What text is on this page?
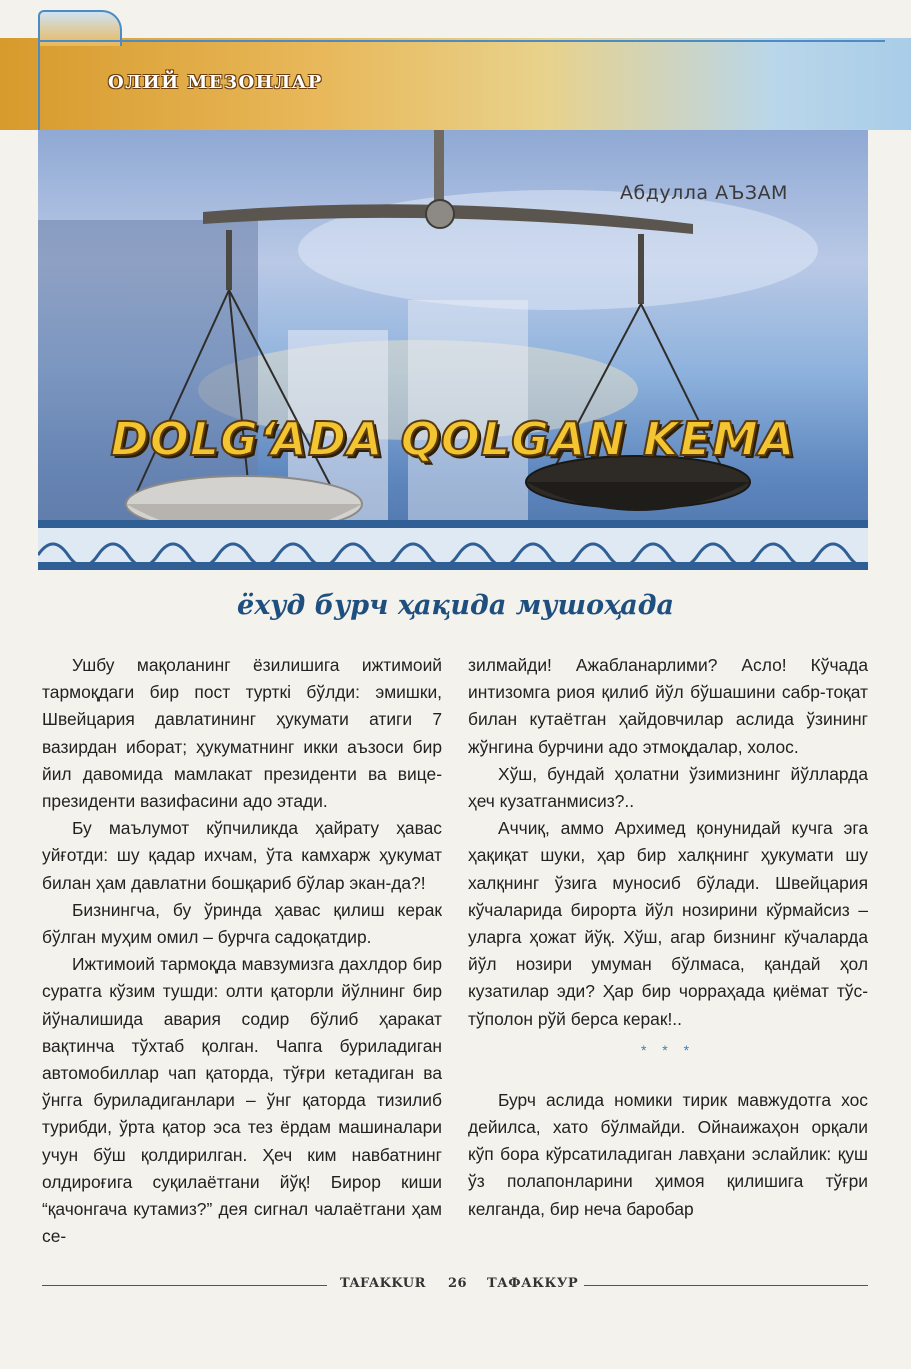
ОЛИЙ МЕЗОНЛАР
Абдулла АЪЗАМ
DOLG‘ADA QOLGAN KEMA
ёхуд бурч ҳақида мушоҳада

Ушбу мақоланинг ёзилишига ижтимоий тармоқдаги бир пост турткi бўлди: эмишки, Швейцария давлатининг ҳукумати атиги 7 вазирдан иборат; ҳукуматнинг икки аъзоси бир йил давомида мамлакат президенти ва вице-президенти вазифасини адо этади.

Бу маълумот кўпчиликда ҳайрату ҳавас уйғотди: шу қадар ихчам, ўта камхарж ҳукумат билан ҳам давлатни бошқариб бўлар экан-да?!

Бизнингча, бу ўринда ҳавас қилиш керак бўлган муҳим омил – бурчга садоқатдир.

Ижтимоий тармоқда мавзумизга дахлдор бир суратга кўзим тушди: олти қаторли йўлнинг бир йўналишида авария содир бўлиб ҳаракат вақтинча тўхтаб қолган. Чапга буриладиган автомобиллар чап қаторда, тўғри кетадиган ва ўнгга буриладиганлари – ўнг қаторда тизилиб турибди, ўрта қатор эса тез ёрдам машиналари учун бўш қолдирилган. Ҳеч ким навбатнинг олдироғига суқилаётгани йўқ! Бирор киши “қачонгача кутамиз?” дея сигнал чалаётгани ҳам се-

зилмайди! Ажабланарлими? Асло! Кўчада интизомга риоя қилиб йўл бўшашини сабр-тоқат билан кутаётган ҳайдовчилар аслида ўзининг жўнгина бурчини адо этмоқдалар, холос.

Хўш, бундай ҳолатни ўзимизнинг йўлларда ҳеч кузатганмисиз?..

Аччиқ, аммо Архимед қонунидай кучга эга ҳақиқат шуки, ҳар бир халқнинг ҳукумати шу халқнинг ўзига муносиб бўлади. Швейцария кўчаларида бирорта йўл нозирини кўрмайсиз – уларга ҳожат йўқ. Хўш, агар бизнинг кўчаларда йўл нозири умуман бўлмаса, қандай ҳол кузатилар эди? Ҳар бир чорраҳада қиёмат тўс-тўполон рўй берса керак!..

* * *

Бурч аслида номики тирик мавжудотга хос дейилса, хато бўлмайди. Ойнаижаҳон орқали кўп бора кўрсатиладиган лавҳани эслайлик: қуш ўз полапонларини ҳимоя қилишига тўғри келганда, бир неча баробар

TAFAKKUR 26 ТАФАККУР
